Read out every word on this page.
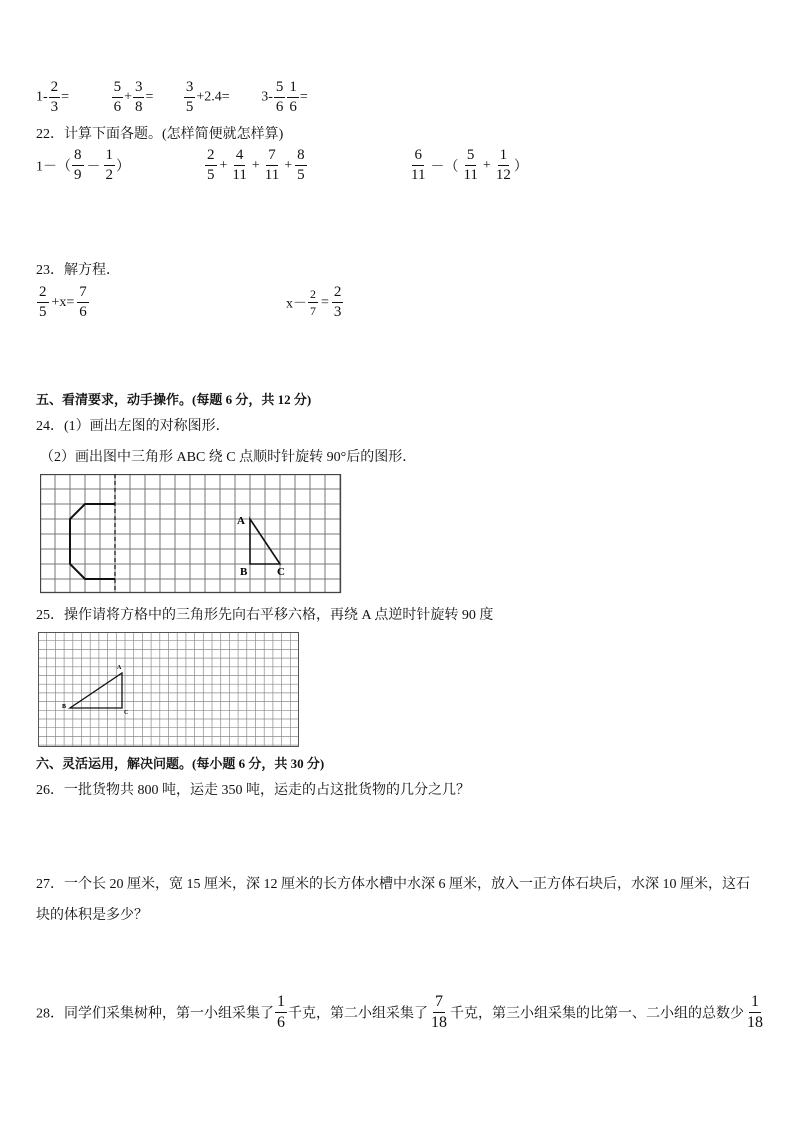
$1- \frac{2}{3}$ =	$\frac{5}{6} + \frac{3}{8} = \frac{3}{5} +2.4= 3- \frac{5}{6} \frac{1}{6}$ =
22．计算下面各题。(怎样简便就怎样算)
$1-( \frac{8}{9} - \frac{1}{2}$ ）	$\frac{2}{5} + \frac{4}{11} + \frac{7}{11} + \frac{8}{5}$	$\frac{6}{11}$ －（ $\frac{5}{11} + \frac{1}{12}$ ）
23．解方程．
$\frac{2}{5} +x= \frac{7}{6}$	$x- \frac{2}{7} = \frac{2}{3}$
五、看清要求，动手操作。(每题 6 分，共 12 分)
24．(1）画出左图的对称图形．
（2）画出图中三角形 ABC 绕 C 点顺时针旋转 90°后的图形．
A
B	C
25．操作请将方格中的三角形先向右平移六格，再绕 A 点逆时针旋转 90 度
A
B
C
六、灵活运用，解决问题。(每小题 6 分，共 30 分)
26．一批货物共 800 吨，运走 350 吨，运走的占这批货物的几分之几？
27．一个长 20 厘米，宽 15 厘米，深 12 厘米的长方体水槽中水深 6 厘米，放入一正方体石块后，水深 10 厘米，这石
块的体积是多少？
28．同学们采集树种，第一小组采集了 $\frac{1}{6}$ 千克，第二小组采集了 $\frac{7}{18}$ 千克，第三小组采集的比第一、二小组的总数少 $\frac{1}{18}$
